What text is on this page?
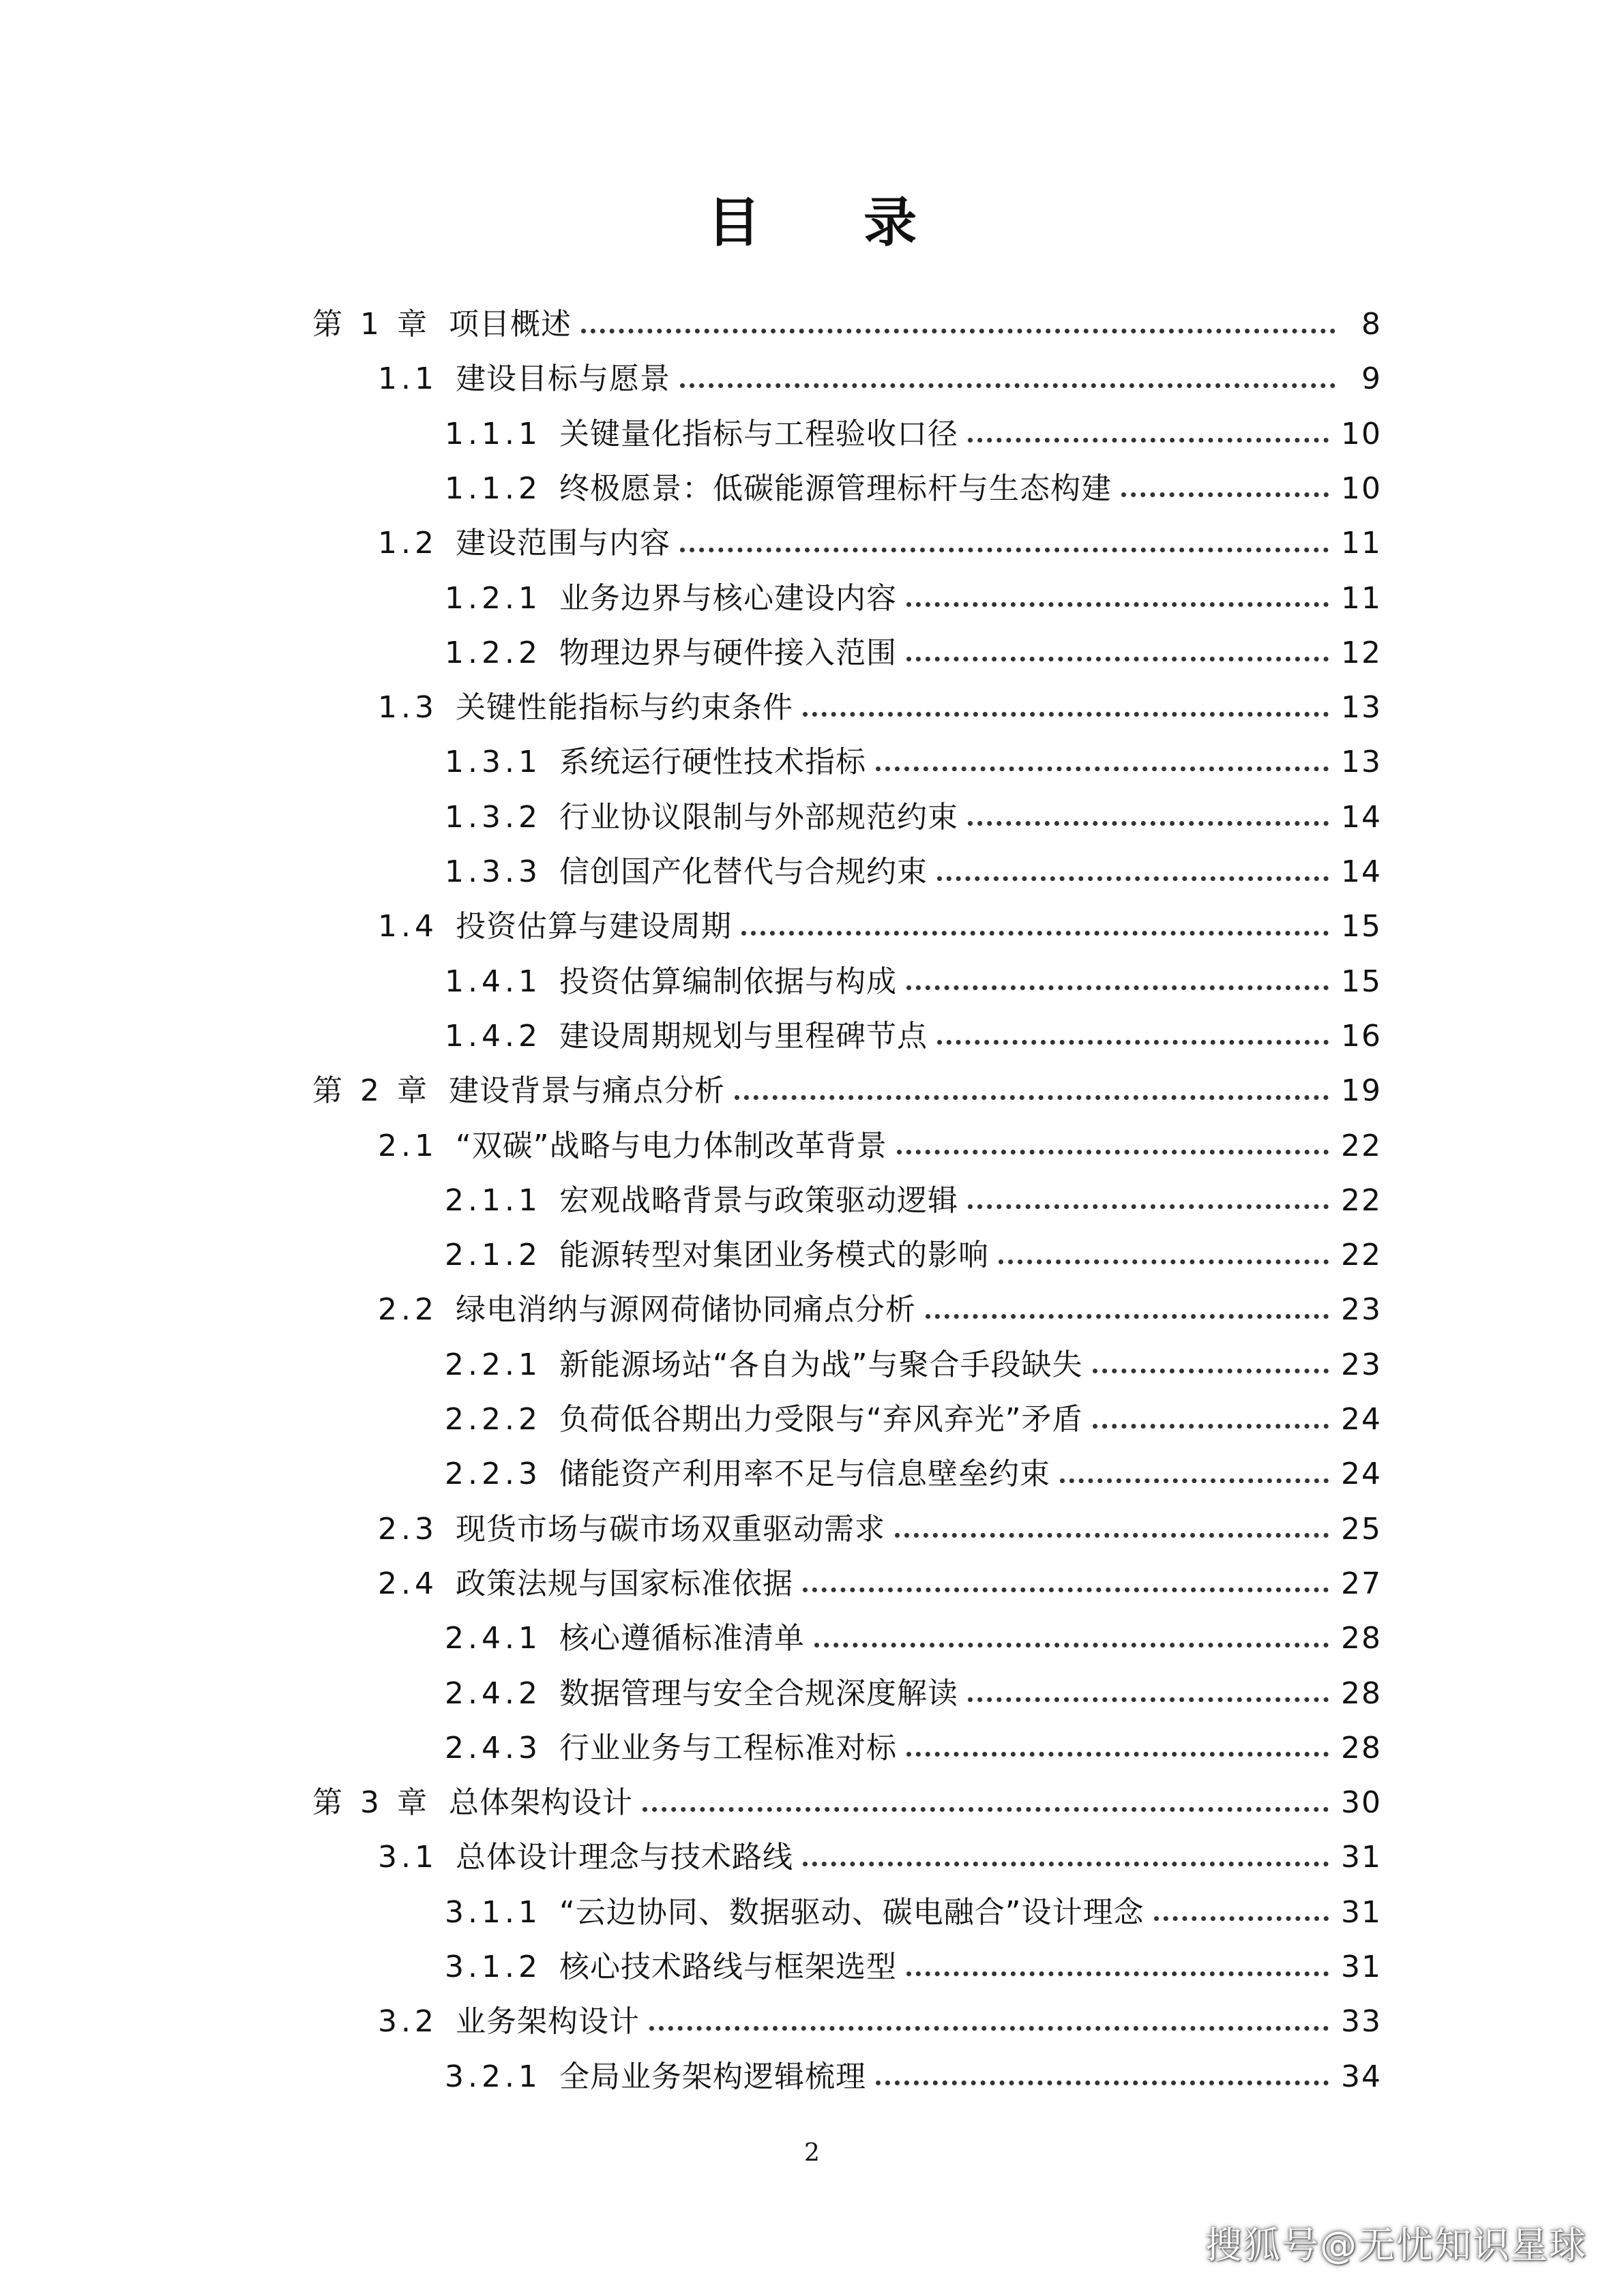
目 录
第 1 章 项目概述	8
1.1 建设目标与愿景	9
1.1.1 关键量化指标与工程验收口径	10
1.1.2 终极愿景：低碳能源管理标杆与生态构建	10
1.2 建设范围与内容	11
1.2.1 业务边界与核心建设内容	11
1.2.2 物理边界与硬件接入范围	12
1.3 关键性能指标与约束条件	13
1.3.1 系统运行硬性技术指标	13
1.3.2 行业协议限制与外部规范约束	14
1.3.3 信创国产化替代与合规约束	14
1.4 投资估算与建设周期	15
1.4.1 投资估算编制依据与构成	15
1.4.2 建设周期规划与里程碑节点	16
第 2 章 建设背景与痛点分析	19
2.1 “双碳”战略与电力体制改革背景	22
2.1.1 宏观战略背景与政策驱动逻辑	22
2.1.2 能源转型对集团业务模式的影响	22
2.2 绿电消纳与源网荷储协同痛点分析	23
2.2.1 新能源场站“各自为战”与聚合手段缺失	23
2.2.2 负荷低谷期出力受限与“弃风弃光”矛盾	24
2.2.3 储能资产利用率不足与信息壁垒约束	24
2.3 现货市场与碳市场双重驱动需求	25
2.4 政策法规与国家标准依据	27
2.4.1 核心遵循标准清单	28
2.4.2 数据管理与安全合规深度解读	28
2.4.3 行业业务与工程标准对标	28
第 3 章 总体架构设计	30
3.1 总体设计理念与技术路线	31
3.1.1 “云边协同、数据驱动、碳电融合”设计理念	31
3.1.2 核心技术路线与框架选型	31
3.2 业务架构设计	33
3.2.1 全局业务架构逻辑梳理	34
2
搜狐号@无忧知识星球
